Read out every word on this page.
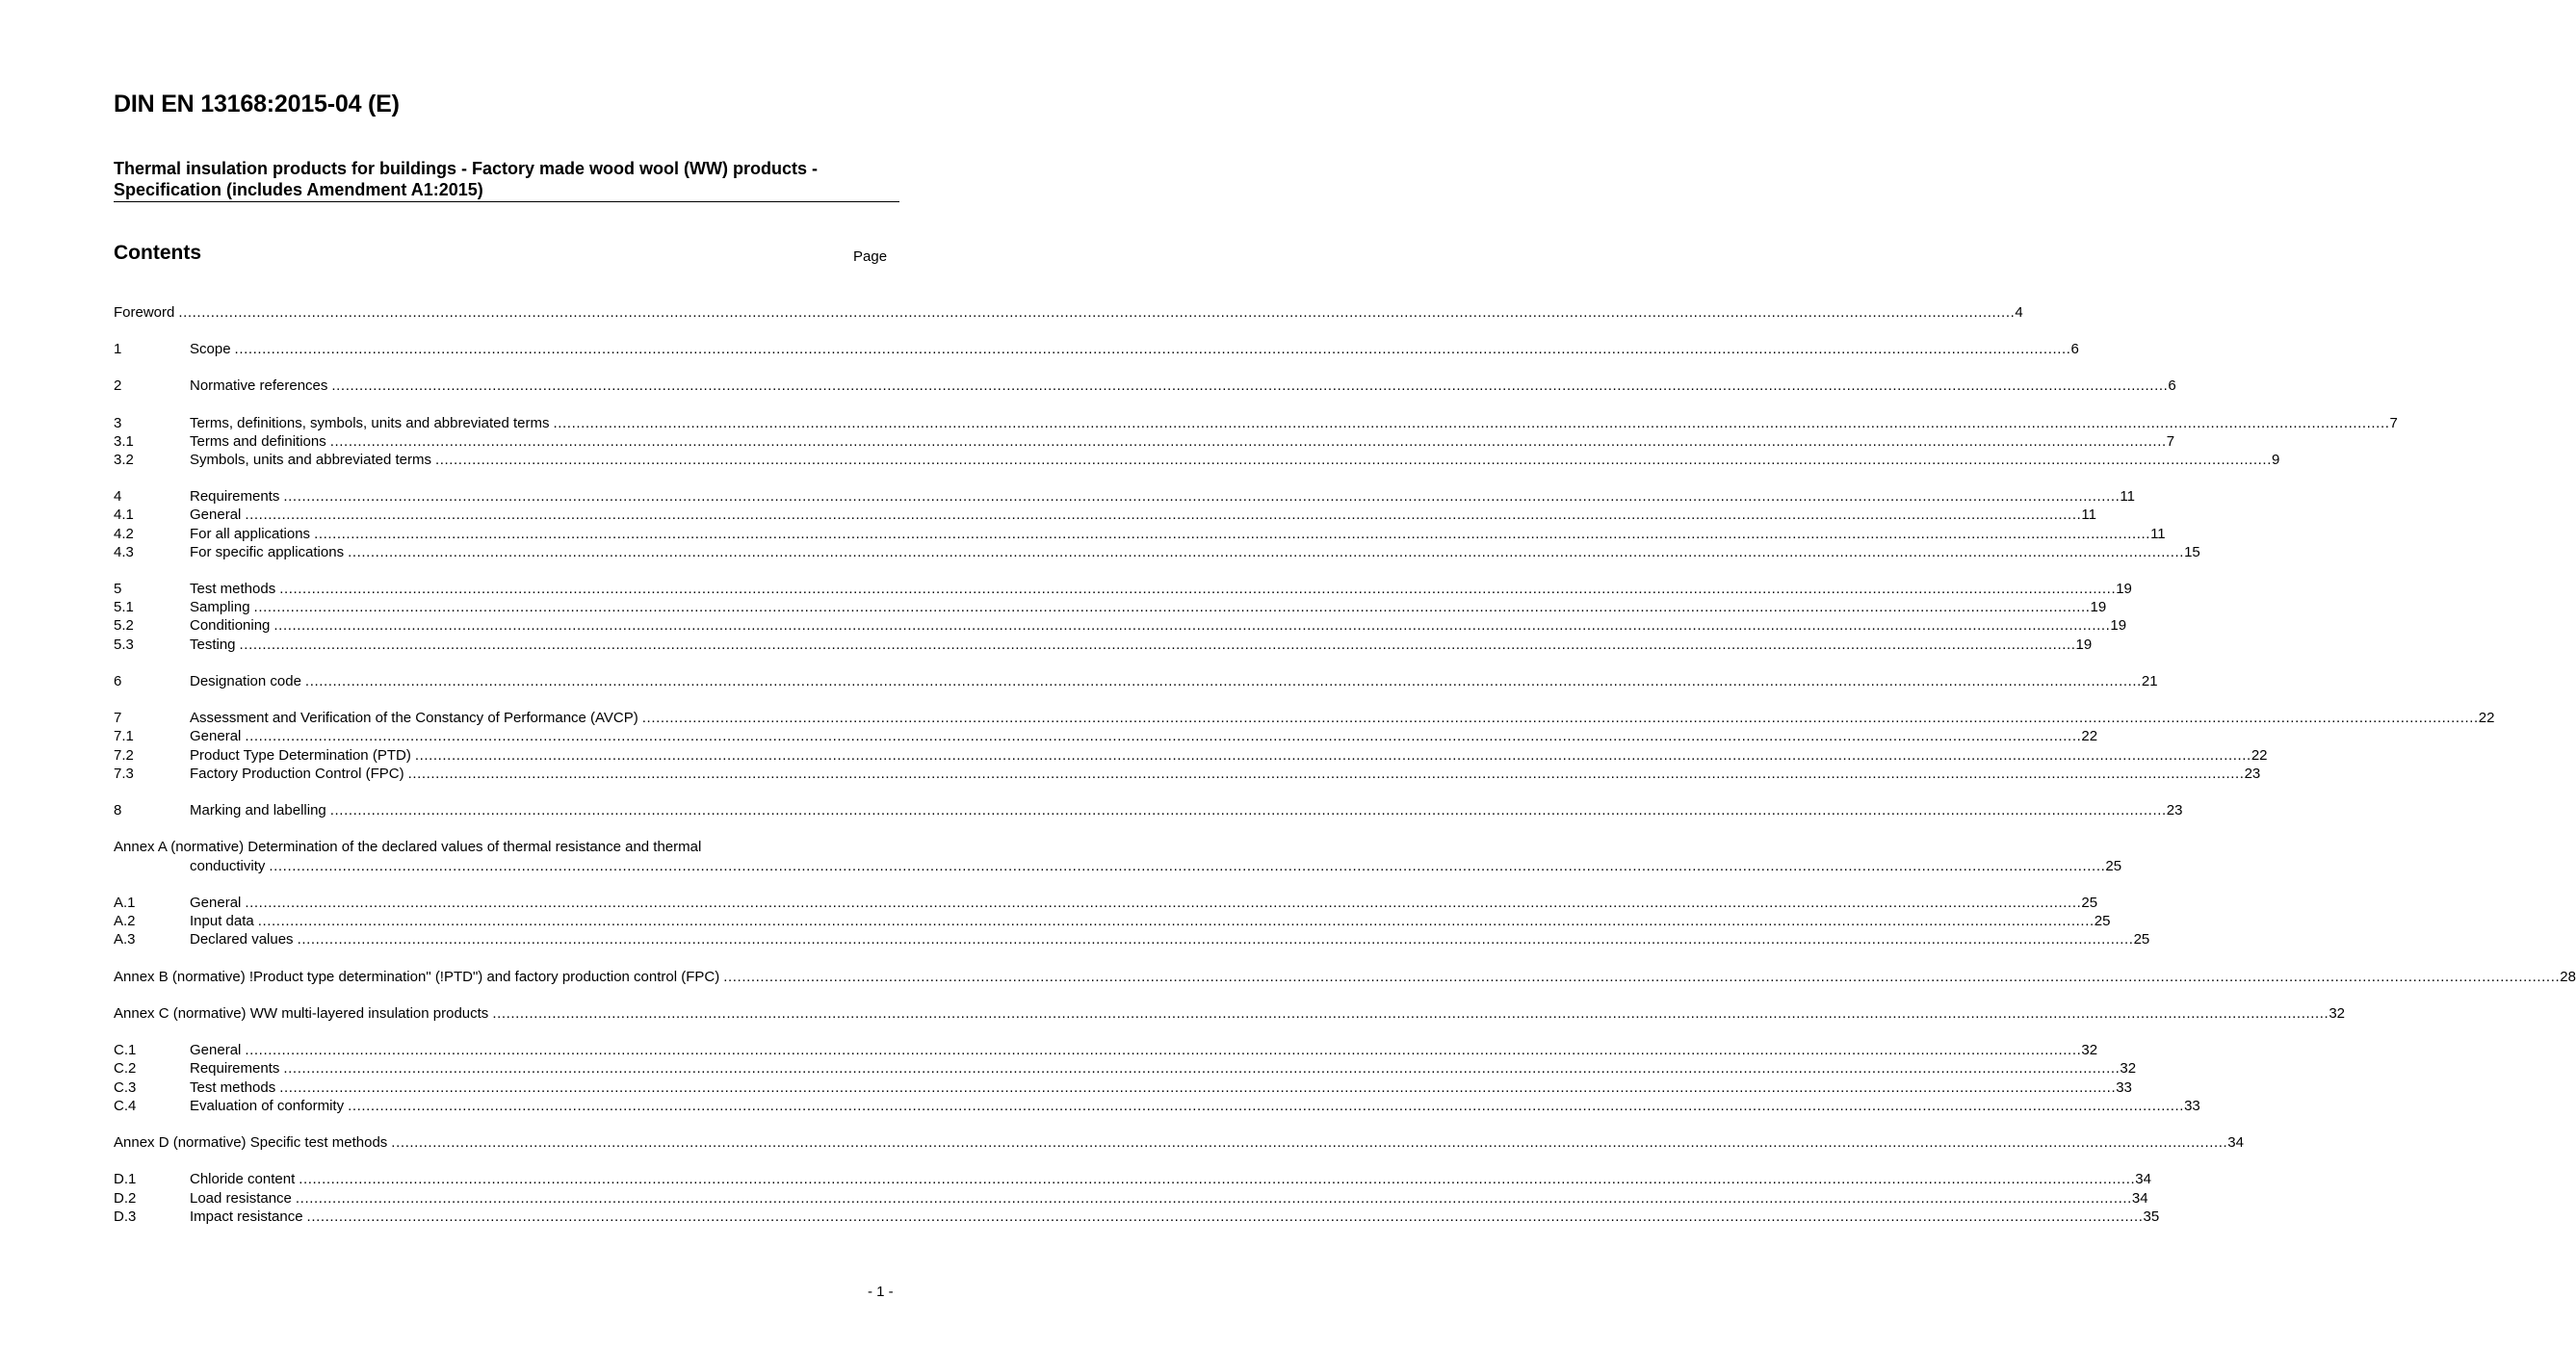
DIN EN 13168:2015-04 (E)
Thermal insulation products for buildings - Factory made wood wool (WW) products -
Specification (includes Amendment A1:2015)
Contents	Page
Foreword ................................................................................................................................................................................................................................................................................................................................................................................................................ 4
1	Scope ................................................................................................................................................................................................................................................................................................................................................................................................................ 6
2	Normative references ................................................................................................................................................................................................................................................................................................................................................................................................................ 6
3	Terms, definitions, symbols, units and abbreviated terms ................................................................................................................................................................................................................................................................................................................................................................................................................ 7
3.1	Terms and definitions ................................................................................................................................................................................................................................................................................................................................................................................................................ 7
3.2	Symbols, units and abbreviated terms ................................................................................................................................................................................................................................................................................................................................................................................................................ 9
4	Requirements ................................................................................................................................................................................................................................................................................................................................................................................................................ 11
4.1	General ................................................................................................................................................................................................................................................................................................................................................................................................................ 11
4.2	For all applications ................................................................................................................................................................................................................................................................................................................................................................................................................ 11
4.3	For specific applications ................................................................................................................................................................................................................................................................................................................................................................................................................ 15
5	Test methods ................................................................................................................................................................................................................................................................................................................................................................................................................ 19
5.1	Sampling ................................................................................................................................................................................................................................................................................................................................................................................................................ 19
5.2	Conditioning ................................................................................................................................................................................................................................................................................................................................................................................................................ 19
5.3	Testing ................................................................................................................................................................................................................................................................................................................................................................................................................ 19
6	Designation code ................................................................................................................................................................................................................................................................................................................................................................................................................ 21
7	Assessment and Verification of the Constancy of Performance (AVCP) ................................................................................................................................................................................................................................................................................................................................................................................................................ 22
7.1	General ................................................................................................................................................................................................................................................................................................................................................................................................................ 22
7.2	Product Type Determination (PTD) ................................................................................................................................................................................................................................................................................................................................................................................................................ 22
7.3	Factory Production Control (FPC) ................................................................................................................................................................................................................................................................................................................................................................................................................ 23
8	Marking and labelling ................................................................................................................................................................................................................................................................................................................................................................................................................ 23
Annex A (normative) Determination of the declared values of thermal resistance and thermal
conductivity ................................................................................................................................................................................................................................................................................................................................................................................................................ 25
A.1	General ................................................................................................................................................................................................................................................................................................................................................................................................................ 25
A.2	Input data ................................................................................................................................................................................................................................................................................................................................................................................................................ 25
A.3	Declared values ................................................................................................................................................................................................................................................................................................................................................................................................................ 25
Annex B (normative) !Product type determination" (!PTD") and factory production control (FPC) ................................................................................................................................................................................................................................................................................................................................................................................................................ 28
Annex C (normative) WW multi-layered insulation products ................................................................................................................................................................................................................................................................................................................................................................................................................ 32
C.1	General ................................................................................................................................................................................................................................................................................................................................................................................................................ 32
C.2	Requirements ................................................................................................................................................................................................................................................................................................................................................................................................................ 32
C.3	Test methods ................................................................................................................................................................................................................................................................................................................................................................................................................ 33
C.4	Evaluation of conformity ................................................................................................................................................................................................................................................................................................................................................................................................................ 33
Annex D (normative) Specific test methods ................................................................................................................................................................................................................................................................................................................................................................................................................ 34
D.1	Chloride content ................................................................................................................................................................................................................................................................................................................................................................................................................ 34
D.2	Load resistance ................................................................................................................................................................................................................................................................................................................................................................................................................ 34
D.3	Impact resistance ................................................................................................................................................................................................................................................................................................................................................................................................................ 35
- 1 -
